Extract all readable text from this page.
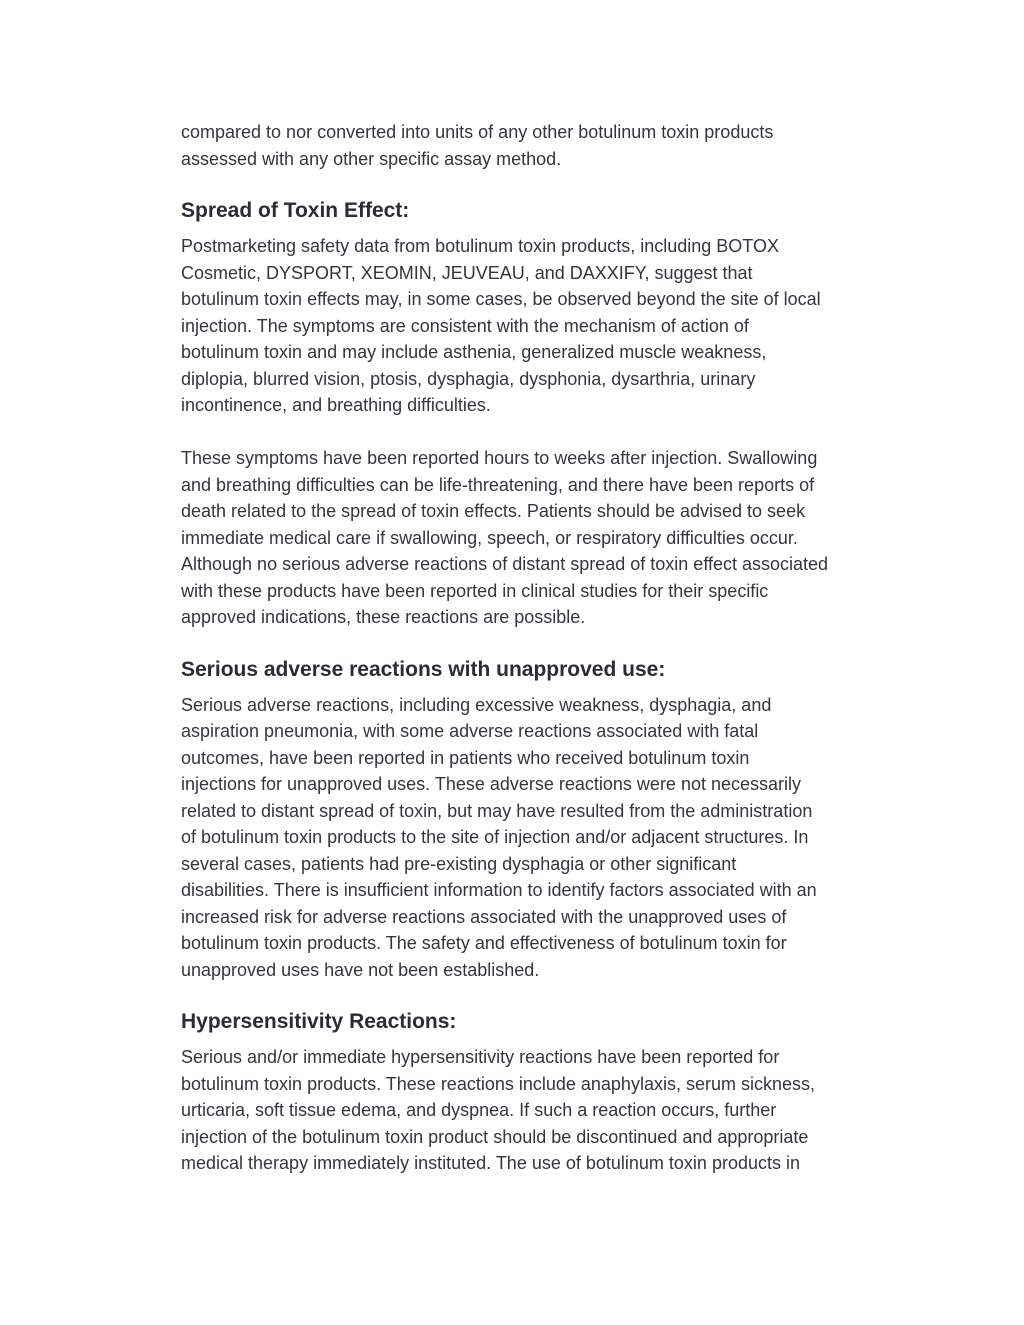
compared to nor converted into units of any other botulinum toxin products
assessed with any other specific assay method.
Spread of Toxin Effect:
Postmarketing safety data from botulinum toxin products, including BOTOX
Cosmetic, DYSPORT, XEOMIN, JEUVEAU, and DAXXIFY, suggest that
botulinum toxin effects may, in some cases, be observed beyond the site of local
injection. The symptoms are consistent with the mechanism of action of
botulinum toxin and may include asthenia, generalized muscle weakness,
diplopia, blurred vision, ptosis, dysphagia, dysphonia, dysarthria, urinary
incontinence, and breathing difficulties.
These symptoms have been reported hours to weeks after injection. Swallowing
and breathing difficulties can be life-threatening, and there have been reports of
death related to the spread of toxin effects. Patients should be advised to seek
immediate medical care if swallowing, speech, or respiratory difficulties occur.
Although no serious adverse reactions of distant spread of toxin effect associated
with these products have been reported in clinical studies for their specific
approved indications, these reactions are possible.
Serious adverse reactions with unapproved use:
Serious adverse reactions, including excessive weakness, dysphagia, and
aspiration pneumonia, with some adverse reactions associated with fatal
outcomes, have been reported in patients who received botulinum toxin
injections for unapproved uses. These adverse reactions were not necessarily
related to distant spread of toxin, but may have resulted from the administration
of botulinum toxin products to the site of injection and/or adjacent structures. In
several cases, patients had pre-existing dysphagia or other significant
disabilities. There is insufficient information to identify factors associated with an
increased risk for adverse reactions associated with the unapproved uses of
botulinum toxin products. The safety and effectiveness of botulinum toxin for
unapproved uses have not been established.
Hypersensitivity Reactions:
Serious and/or immediate hypersensitivity reactions have been reported for
botulinum toxin products. These reactions include anaphylaxis, serum sickness,
urticaria, soft tissue edema, and dyspnea. If such a reaction occurs, further
injection of the botulinum toxin product should be discontinued and appropriate
medical therapy immediately instituted. The use of botulinum toxin products in
